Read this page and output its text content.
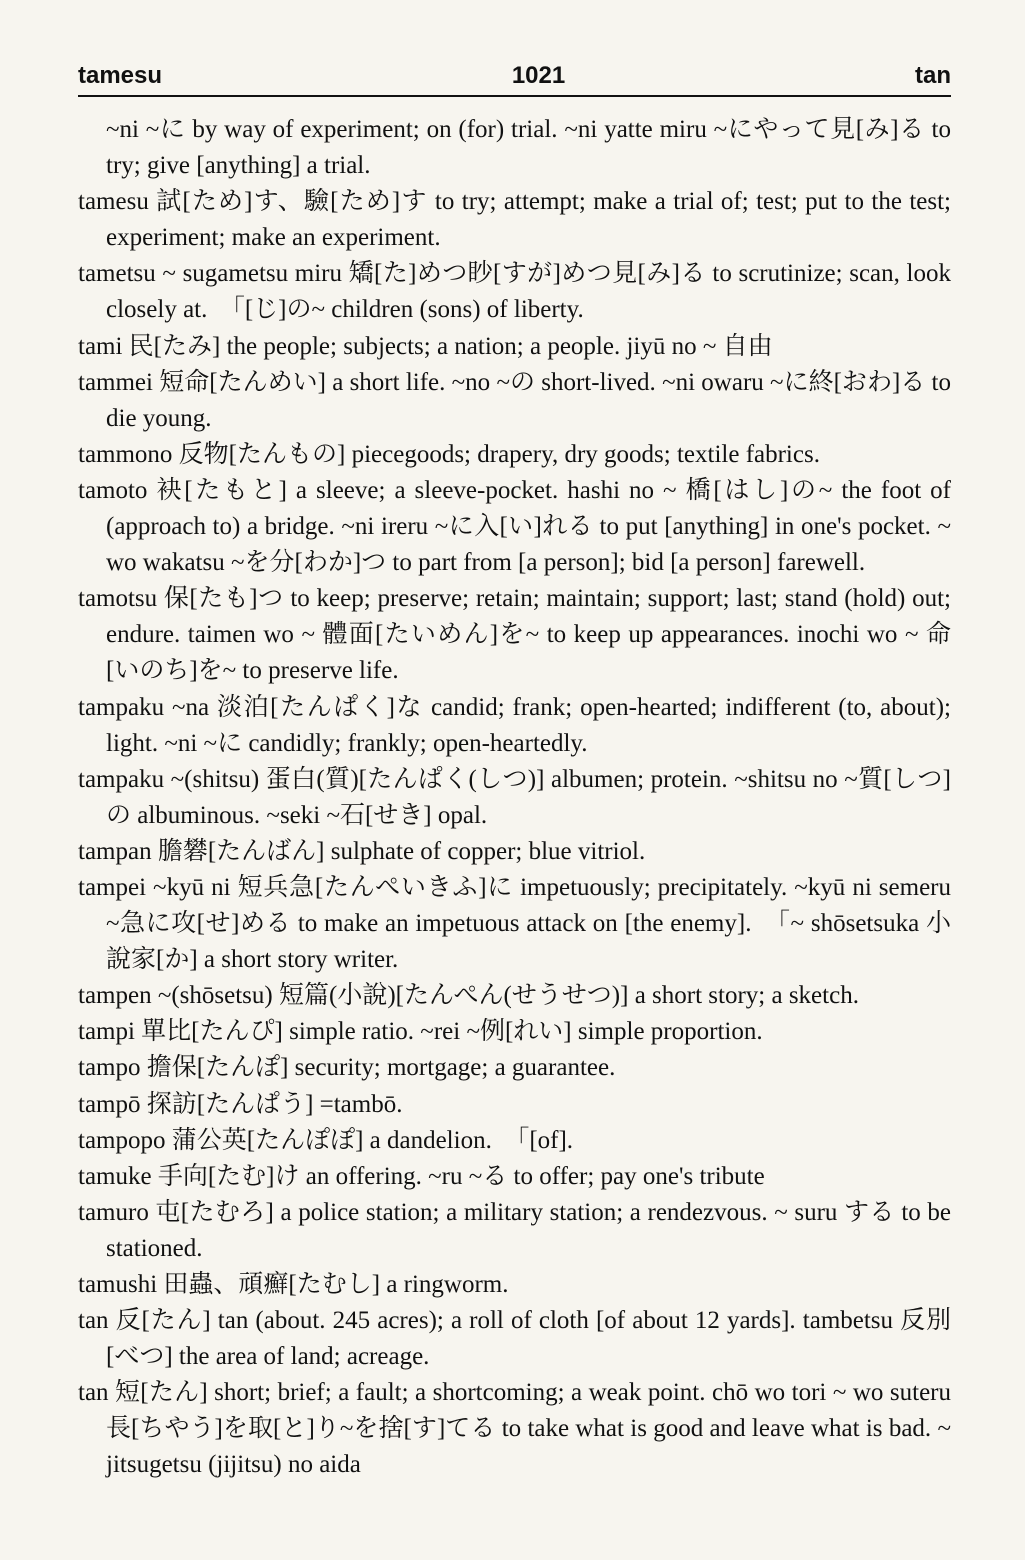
tamesu	1021	tan

~ni ~に by way of experiment; on (for) trial. ~ni yatte miru ~にやって見[み]る to try; give [anything] a trial.

tamesu 試[ため]す、驗[ため]す to try; attempt; make a trial of; test; put to the test; experiment; make an experiment.

tametsu ~ sugametsu miru 矯[た]めつ眇[すが]めつ見[み]る to scrutinize; scan, look closely at.　「[じ]の~ children (sons) of liberty.

tami 民[たみ] the people; subjects; a nation; a people. jiyū no ~ 自由

tammei 短命[たんめい] a short life. ~no ~の short-lived. ~ni owaru ~に終[おわ]る to die young.

tammono 反物[たんもの] piecegoods; drapery, dry goods; textile fabrics.

tamoto 袂[たもと] a sleeve; a sleeve-pocket. hashi no ~ 橋[はし]の~ the foot of (approach to) a bridge. ~ni ireru ~に入[い]れる to put [anything] in one's pocket. ~ wo wakatsu ~を分[わか]つ to part from [a person]; bid [a person] farewell.

tamotsu 保[たも]つ to keep; preserve; retain; maintain; support; last; stand (hold) out; endure. taimen wo ~ 體面[たいめん]を~ to keep up appearances. inochi wo ~ 命[いのち]を~ to preserve life.

tampaku ~na 淡泊[たんぱく]な candid; frank; open-hearted; indifferent (to, about); light. ~ni ~に candidly; frankly; open-heartedly.

tampaku ~(shitsu) 蛋白(質)[たんぱく(しつ)] albumen; protein. ~shitsu no ~質[しつ]の albuminous. ~seki ~石[せき] opal.

tampan 膽礬[たんばん] sulphate of copper; blue vitriol.

tampei ~kyū ni 短兵急[たんぺいきふ]に impetuously; precipitately. ~kyū ni semeru ~急に攻[せ]める to make an impetuous attack on [the enemy].　「~ shōsetsuka 小說家[か] a short story writer.

tampen ~(shōsetsu) 短篇(小說)[たんぺん(せうせつ)] a short story; a sketch.

tampi 單比[たんぴ] simple ratio. ~rei ~例[れい] simple proportion.

tampo 擔保[たんぽ] security; mortgage; a guarantee.

tampō 探訪[たんぱう] =tambō.

tampopo 蒲公英[たんぽぽ] a dandelion.　「[of].

tamuke 手向[たむ]け an offering. ~ru ~る to offer; pay one's tribute

tamuro 屯[たむろ] a police station; a military station; a rendezvous. ~ suru する to be stationed.

tamushi 田蟲、頑癬[たむし] a ringworm.

tan 反[たん] tan (about. 245 acres); a roll of cloth [of about 12 yards]. tambetsu 反別[べつ] the area of land; acreage.

tan 短[たん] short; brief; a fault; a shortcoming; a weak point. chō wo tori ~ wo suteru 長[ちやう]を取[と]り~を捨[す]てる to take what is good and leave what is bad. ~ jitsugetsu (jijitsu) no aida
